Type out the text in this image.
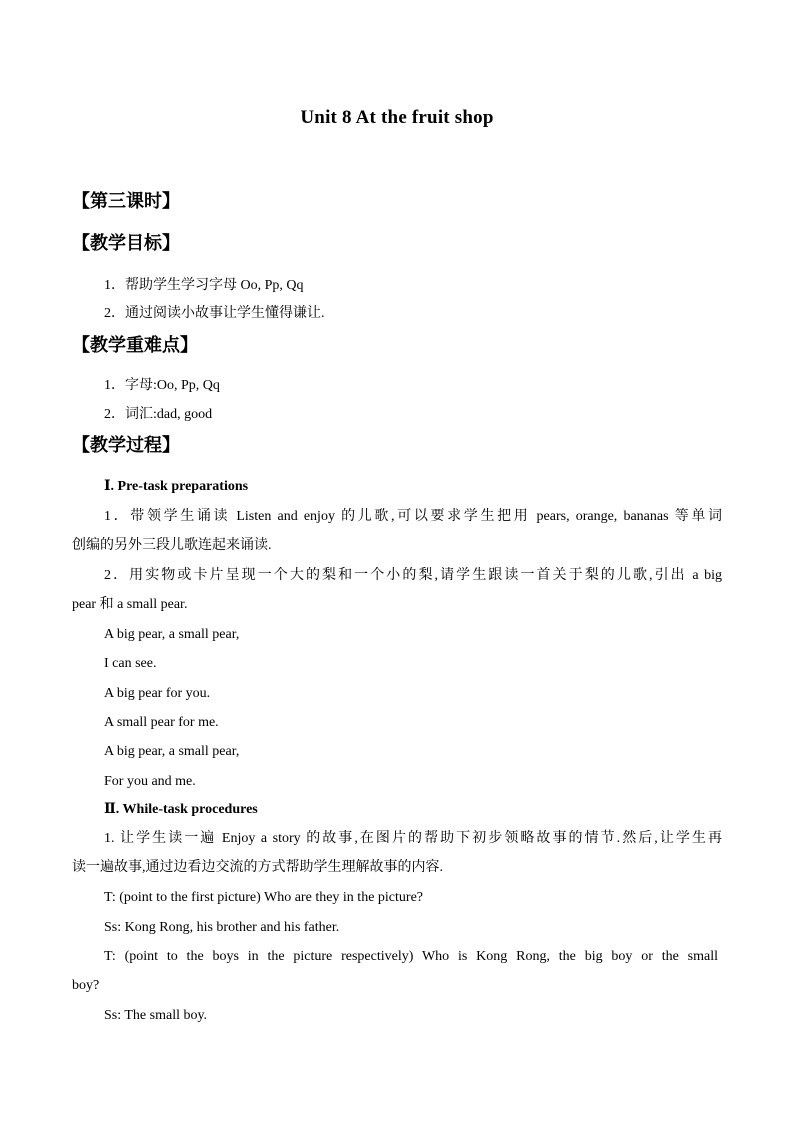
Unit 8 At the fruit shop
【第三课时】
【教学目标】
1．帮助学生学习字母 Oo, Pp, Qq
2．通过阅读小故事让学生懂得谦让.
【教学重难点】
1．字母:Oo, Pp, Qq
2．词汇:dad, good
【教学过程】
Ⅰ. Pre-task preparations
1．带领学生诵读 Listen and enjoy 的儿歌,可以要求学生把用 pears, orange, bananas 等单词
创编的另外三段儿歌连起来诵读.
2．用实物或卡片呈现一个大的梨和一个小的梨,请学生跟读一首关于梨的儿歌,引出 a big
pear 和 a small pear.
A big pear, a small pear,
I can see.
A big pear for you.
A small pear for me.
A big pear, a small pear,
For you and me.
Ⅱ. While-task procedures
1. 让学生读一遍 Enjoy a story 的故事,在图片的帮助下初步领略故事的情节.然后,让学生再
读一遍故事,通过边看边交流的方式帮助学生理解故事的内容.
T: (point to the first picture) Who are they in the picture?
Ss: Kong Rong, his brother and his father.
T: (point to the boys in the picture respectively) Who is Kong Rong, the big boy or the small
boy?
Ss: The small boy.
